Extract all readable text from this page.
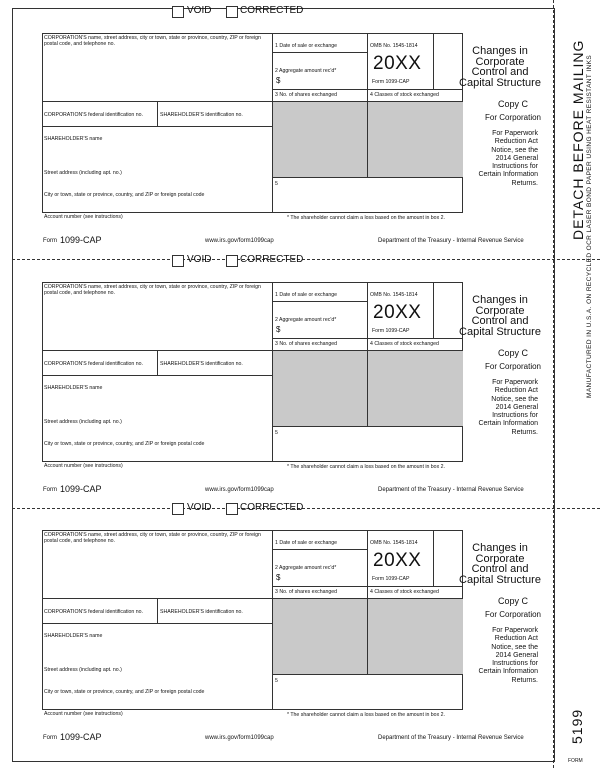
VOID	CORRECTED
CORPORATION'S name, street address, city or town, state or province, country, ZIP or foreign postal code, and telephone no.
CORPORATION'S federal identification no.	SHAREHOLDER'S identification no.
SHAREHOLDER'S name
Street address (including apt. no.)
City or town, state or province, country, and ZIP or foreign postal code
Account number (see instructions)
1 Date of sale or exchange
2 Aggregate amount rec'd*
$
3 No. of shares exchanged
5
* The shareholder cannot claim a loss based on the amount in box 2.
OMB No. 1545-1814
20XX
Form 1099-CAP
4 Classes of stock exchanged
Changes in
Corporate
Control and
Capital Structure
Copy C
For Corporation
For Paperwork
Reduction Act
Notice, see the
2014 General
Instructions for
Certain Information
Returns.
Form 1099-CAP	www.irs.gov/form1099cap	Department of the Treasury - Internal Revenue Service
VOID	CORRECTED
CORPORATION'S name, street address, city or town, state or province, country, ZIP or foreign postal code, and telephone no.
CORPORATION'S federal identification no.	SHAREHOLDER'S identification no.
SHAREHOLDER'S name
Street address (including apt. no.)
City or town, state or province, country, and ZIP or foreign postal code
Account number (see instructions)
1 Date of sale or exchange
2 Aggregate amount rec'd*
$
3 No. of shares exchanged
5
* The shareholder cannot claim a loss based on the amount in box 2.
OMB No. 1545-1814
20XX
Form 1099-CAP
4 Classes of stock exchanged
Changes in
Corporate
Control and
Capital Structure
Copy C
For Corporation
For Paperwork
Reduction Act
Notice, see the
2014 General
Instructions for
Certain Information
Returns.
Form 1099-CAP	www.irs.gov/form1099cap	Department of the Treasury - Internal Revenue Service
VOID	CORRECTED
CORPORATION'S name, street address, city or town, state or province, country, ZIP or foreign postal code, and telephone no.
CORPORATION'S federal identification no.	SHAREHOLDER'S identification no.
SHAREHOLDER'S name
Street address (including apt. no.)
City or town, state or province, country, and ZIP or foreign postal code
Account number (see instructions)
1 Date of sale or exchange
2 Aggregate amount rec'd*
$
3 No. of shares exchanged
5
* The shareholder cannot claim a loss based on the amount in box 2.
OMB No. 1545-1814
20XX
Form 1099-CAP
4 Classes of stock exchanged
Changes in
Corporate
Control and
Capital Structure
Copy C
For Corporation
For Paperwork
Reduction Act
Notice, see the
2014 General
Instructions for
Certain Information
Returns.
Form 1099-CAP	www.irs.gov/form1099cap	Department of the Treasury - Internal Revenue Service
DETACH BEFORE MAILING MANUFACTURED IN U.S.A. ON RECYCLED OCR LASER BOND PAPER USING HEAT RESISTANT INKS
5199
FORM
